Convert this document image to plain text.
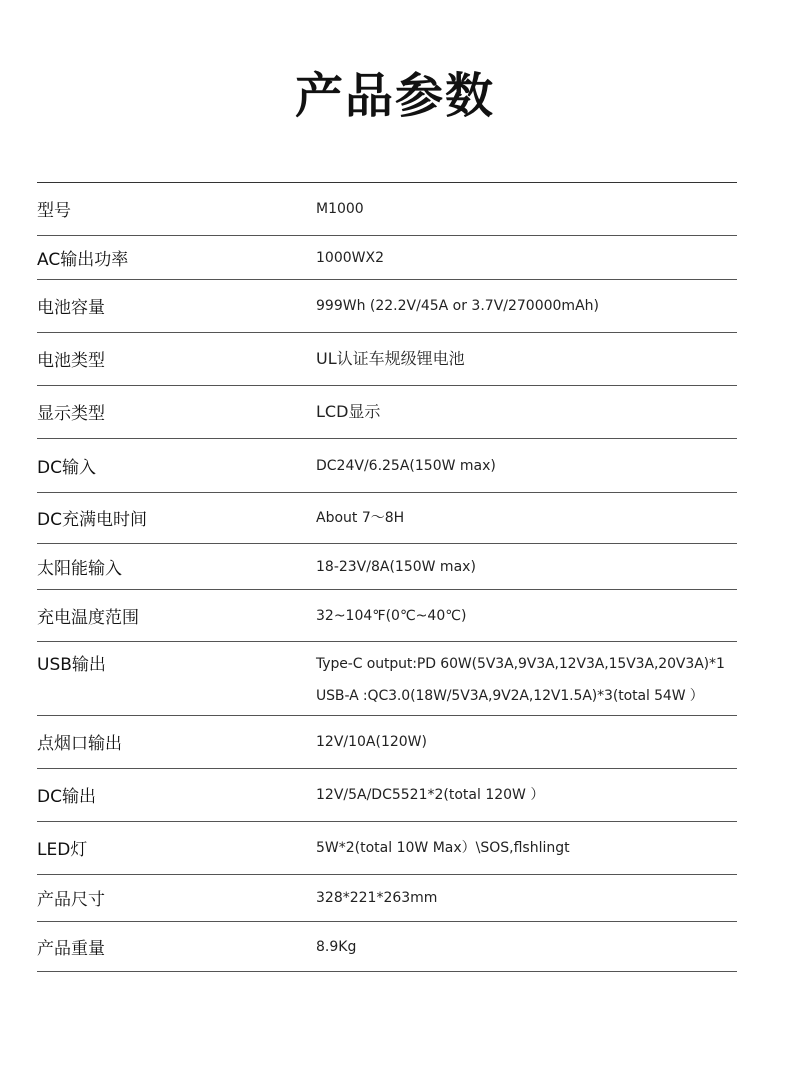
产品参数
型号	M1000
AC输出功率	1000WX2
电池容量	999Wh (22.2V/45A or 3.7V/270000mAh)
电池类型	UL认证车规级锂电池
显示类型	LCD显示
DC输入	DC24V/6.25A(150W max)
DC充满电时间	About 7～8H
太阳能输入	18-23V/8A(150W max)
充电温度范围	32~104℉(0℃~40℃)
USB输出	Type-C output:PD 60W(5V3A,9V3A,12V3A,15V3A,20V3A)*1
USB-A :QC3.0(18W/5V3A,9V2A,12V1.5A)*3(total 54W ）
点烟口输出	12V/10A(120W)
DC输出	12V/5A/DC5521*2(total 120W ）
LED灯	5W*2(total 10W Max）\SOS,flshlingt
产品尺寸	328*221*263mm
产品重量	8.9Kg
